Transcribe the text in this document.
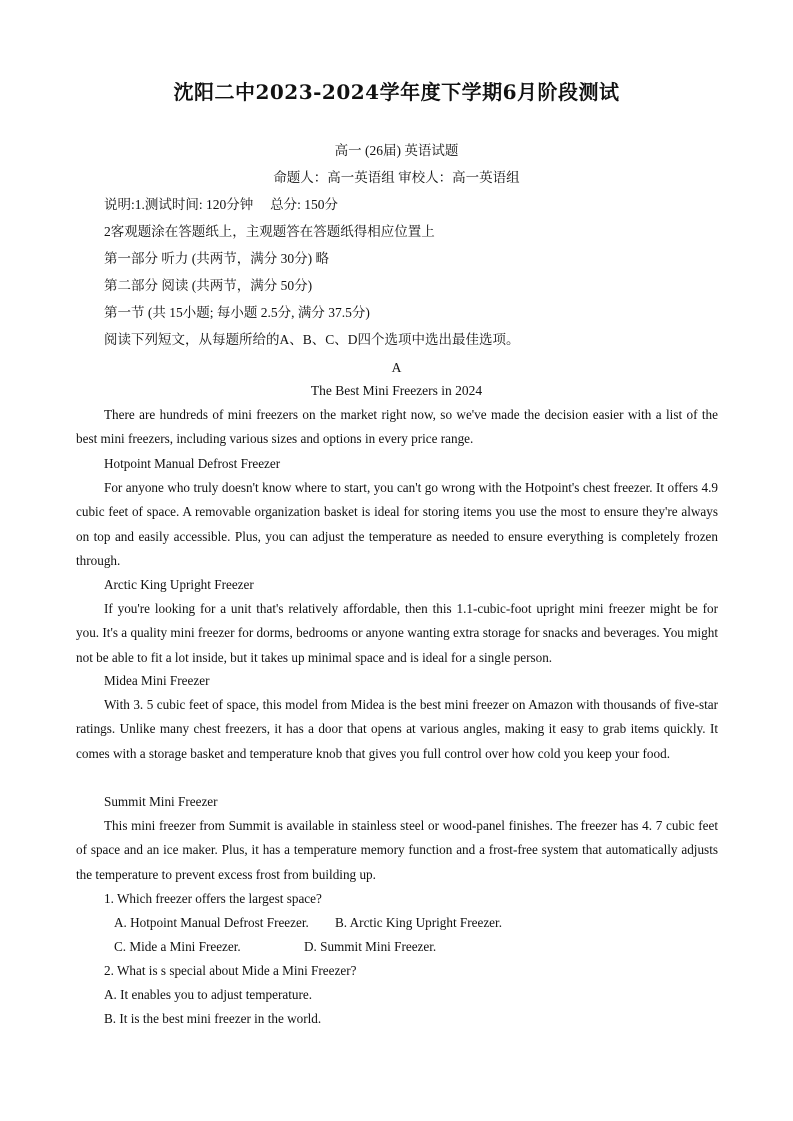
沈阳二中2023-2024学年度下学期6月阶段测试
高一 (26届) 英语试题
命题人：高一英语组 审校人：高一英语组
说明:1.测试时间: 120分钟　 总分: 150分
2客观题涂在答题纸上，主观题答在答题纸得相应位置上
第一部分 听力 (共两节，满分 30分) 略
第二部分 阅读 (共两节，满分 50分)
第一节 (共 15小题; 每小题 2.5分, 满分 37.5分)
阅读下列短文，从每题所给的A、B、C、D四个选项中选出最佳选项。
A
The Best Mini Freezers in 2024

There are hundreds of mini freezers on the market right now, so we've made the decision easier with a list of the best mini freezers, including various sizes and options in every price range.

Hotpoint Manual Defrost Freezer

For anyone who truly doesn't know where to start, you can't go wrong with the Hotpoint's chest freezer. It offers 4.9 cubic feet of space. A removable organization basket is ideal for storing items you use the most to ensure they're always on top and easily accessible. Plus, you can adjust the temperature as needed to ensure everything is completely frozen through.

Arctic King Upright Freezer

If you're looking for a unit that's relatively affordable, then this 1.1-cubic-foot upright mini freezer might be for you. It's a quality mini freezer for dorms, bedrooms or anyone wanting extra storage for snacks and beverages. You might not be able to fit a lot inside, but it takes up minimal space and is ideal for a single person.

Midea Mini Freezer

With 3. 5 cubic feet of space, this model from Midea is the best mini freezer on Amazon with thousands of five-star ratings. Unlike many chest freezers, it has a door that opens at various angles, making it easy to grab items quickly. It comes with a storage basket and temperature knob that gives you full control over how cold you keep your food.

Summit Mini Freezer

This mini freezer from Summit is available in stainless steel or wood-panel finishes. The freezer has 4. 7 cubic feet of space and an ice maker. Plus, it has a temperature memory function and a frost-free system that automatically adjusts the temperature to prevent excess frost from building up.

1. Which freezer offers the largest space?
A. Hotpoint Manual Defrost Freezer. B. Arctic King Upright Freezer.
C. Mide a Mini Freezer.	D. Summit Mini Freezer.
2. What is s special about Mide a Mini Freezer?
A. It enables you to adjust temperature.
B. It is the best mini freezer in the world.
